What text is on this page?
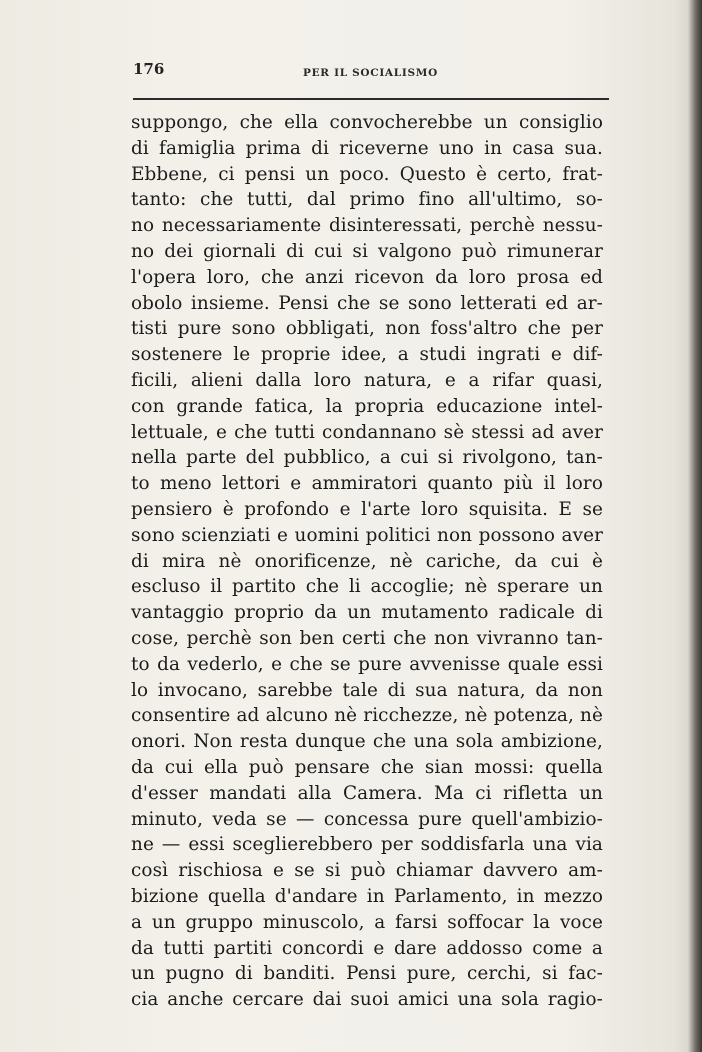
176	PER IL SOCIALISMO
suppongo, che ella convocherebbe un consiglio
di famiglia prima di riceverne uno in casa sua.
Ebbene, ci pensi un poco. Questo è certo, frat-
tanto: che tutti, dal primo fino all'ultimo, so-
no necessariamente disinteressati, perchè nessu-
no dei giornali di cui si valgono può rimunerar
l'opera loro, che anzi ricevon da loro prosa ed
obolo insieme. Pensi che se sono letterati ed ar-
tisti pure sono obbligati, non foss'altro che per
sostenere le proprie idee, a studi ingrati e dif-
ficili, alieni dalla loro natura, e a rifar quasi,
con grande fatica, la propria educazione intel-
lettuale, e che tutti condannano sè stessi ad aver
nella parte del pubblico, a cui si rivolgono, tan-
to meno lettori e ammiratori quanto più il loro
pensiero è profondo e l'arte loro squisita. E se
sono scienziati e uomini politici non possono aver
di mira nè onorificenze, nè cariche, da cui è
escluso il partito che li accoglie; nè sperare un
vantaggio proprio da un mutamento radicale di
cose, perchè son ben certi che non vivranno tan-
to da vederlo, e che se pure avvenisse quale essi
lo invocano, sarebbe tale di sua natura, da non
consentire ad alcuno nè ricchezze, nè potenza, nè
onori. Non resta dunque che una sola ambizione,
da cui ella può pensare che sian mossi: quella
d'esser mandati alla Camera. Ma ci rifletta un
minuto, veda se — concessa pure quell'ambizio-
ne — essi sceglierebbero per soddisfarla una via
così rischiosa e se si può chiamar davvero am-
bizione quella d'andare in Parlamento, in mezzo
a un gruppo minuscolo, a farsi soffocar la voce
da tutti partiti concordi e dare addosso come a
un pugno di banditi. Pensi pure, cerchi, si fac-
cia anche cercare dai suoi amici una sola ragio-
